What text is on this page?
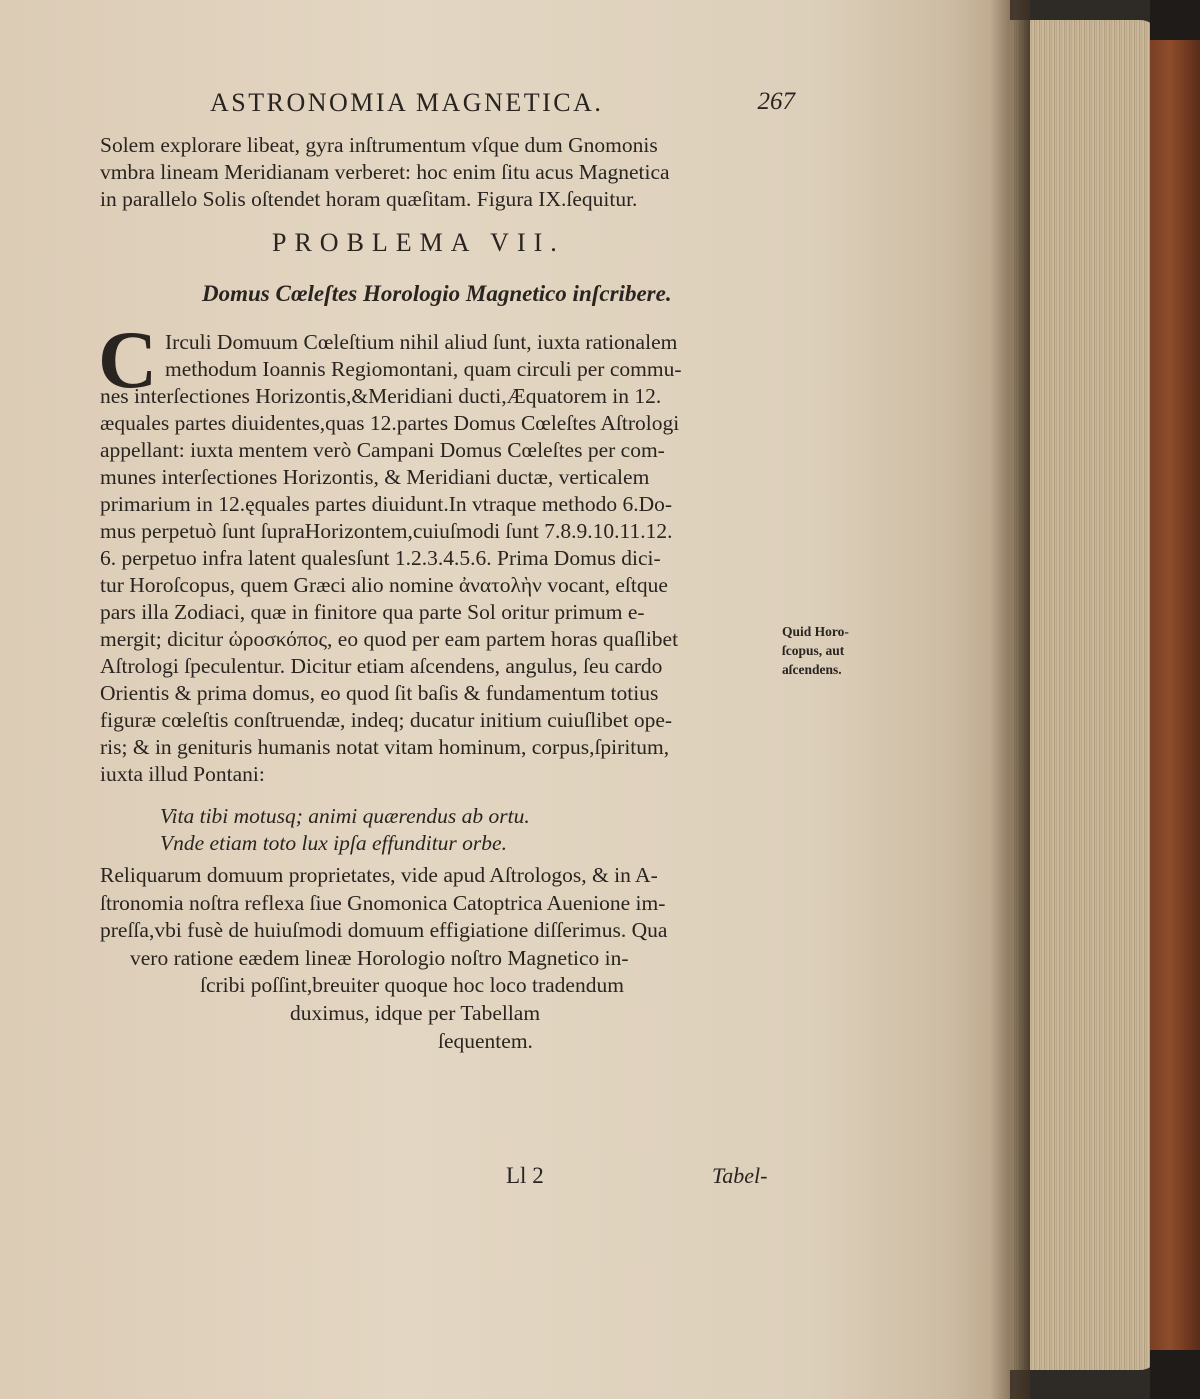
ASTRONOMIA MAGNETICA.	267
Solem explorare libeat, gyra inſtrumentum vſque dum Gnomonis
vmbra lineam Meridianam verberet: hoc enim ſitu acus Magnetica
in parallelo Solis oſtendet horam quæſitam. Figura IX.ſequitur.
PROBLEMA VII.
Domus Cœleſtes Horologio Magnetico inſcribere.
C Irculi Domuum Cœleſtium nihil aliud ſunt, iuxta rationalem
methodum Ioannis Regiomontani, quam circuli per commu-
nes interſectiones Horizontis,&Meridiani ducti,Æquatorem in 12.
æquales partes diuidentes,quas 12.partes Domus Cœleſtes Aſtrologi
appellant: iuxta mentem verò Campani Domus Cœleſtes per com-
munes interſectiones Horizontis, & Meridiani ductæ, verticalem
primarium in 12.ęquales partes diuidunt.In vtraque methodo 6.Do-
mus perpetuò ſunt ſupraHorizontem,cuiuſmodi ſunt 7.8.9.10.11.12.
6. perpetuo infra latent qualesſunt 1.2.3.4.5.6. Prima Domus dici-
tur Horoſcopus, quem Græci alio nomine ἀνατολὴν vocant, eſtque
pars illa Zodiaci, quæ in finitore qua parte Sol oritur primum e-
mergit; dicitur ὡροσκόπος, eo quod per eam partem horas quaſlibet
Aſtrologi ſpeculentur. Dicitur etiam aſcendens, angulus, ſeu cardo
Orientis & prima domus, eo quod ſit baſis & fundamentum totius
figuræ cœleſtis conſtruendæ, indeq; ducatur initium cuiuſlibet ope-
ris; & in genituris humanis notat vitam hominum, corpus,ſpiritum,
iuxta illud Pontani:
Vita tibi motusq; animi quærendus ab ortu.
Vnde etiam toto lux ipſa effunditur orbe.
Reliquarum domuum proprietates, vide apud Aſtrologos, & in A-
ſtronomia noſtra reflexa ſiue Gnomonica Catoptrica Auenione im-
preſſa,vbi fusè de huiuſmodi domuum effigiatione diſſerimus. Qua
vero ratione eædem lineæ Horologio noſtro Magnetico in-
ſcribi poſſint,breuiter quoque hoc loco tradendum
duximus, idque per Tabellam
ſequentem.
Quid Horo-
ſcopus, aut
aſcendens.
Ll 2	Tabel-
